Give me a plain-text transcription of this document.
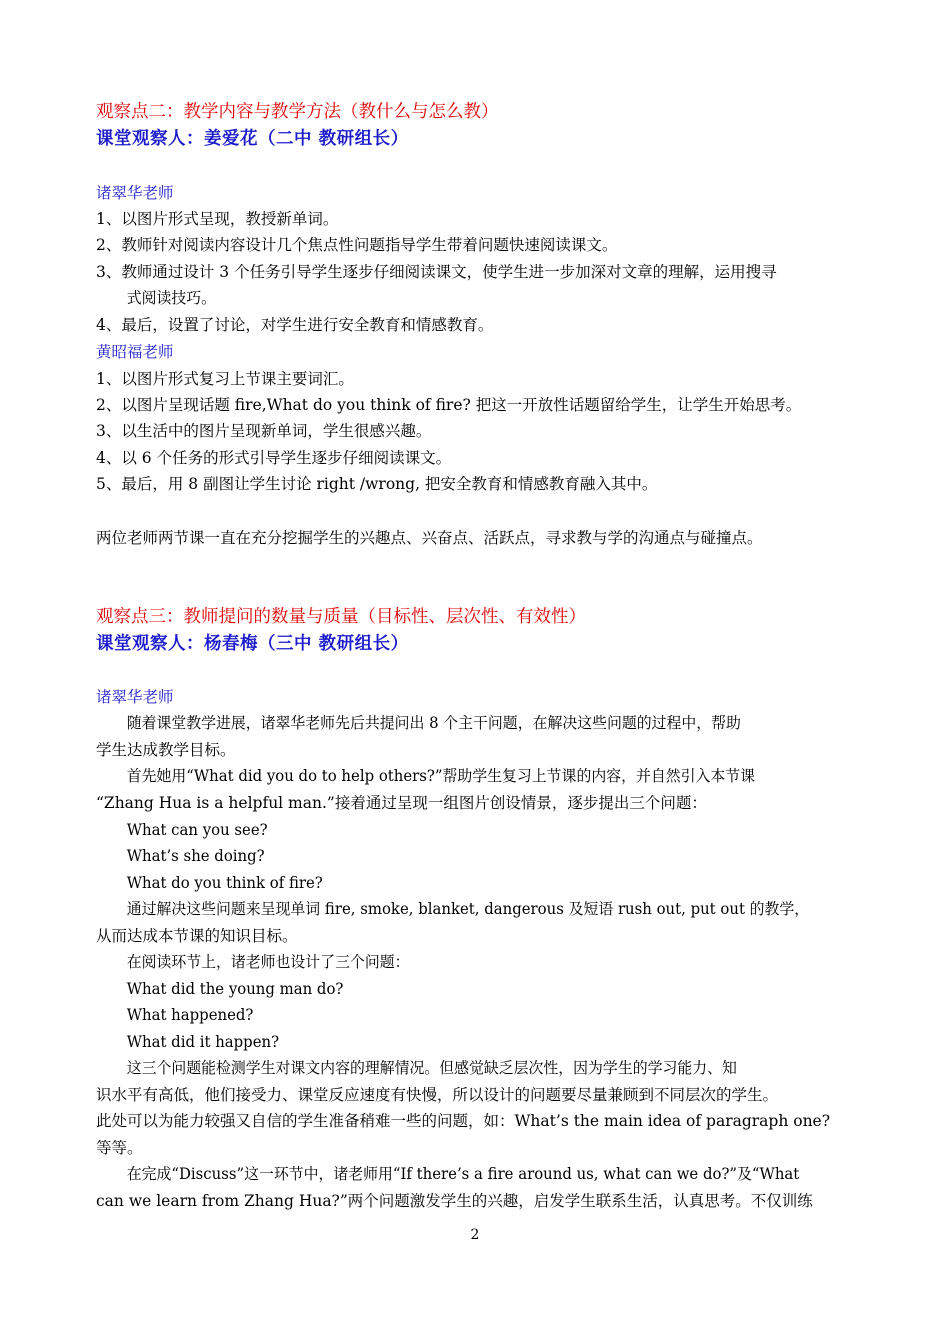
观察点二：教学内容与教学方法（教什么与怎么教）
课堂观察人：姜爱花（二中 教研组长）
诸翠华老师
1、以图片形式呈现，教授新单词。
2、教师针对阅读内容设计几个焦点性问题指导学生带着问题快速阅读课文。
3、教师通过设计 3 个任务引导学生逐步仔细阅读课文，使学生进一步加深对文章的理解，运用搜寻
式阅读技巧。
4、最后，设置了讨论，对学生进行安全教育和情感教育。
黄昭福老师
1、以图片形式复习上节课主要词汇。
2、以图片呈现话题 fire,What do you think of fire? 把这一开放性话题留给学生，让学生开始思考。
3、以生活中的图片呈现新单词，学生很感兴趣。
4、以 6 个任务的形式引导学生逐步仔细阅读课文。
5、最后，用 8 副图让学生讨论 right /wrong, 把安全教育和情感教育融入其中。
两位老师两节课一直在充分挖掘学生的兴趣点、兴奋点、活跃点，寻求教与学的沟通点与碰撞点。
观察点三：教师提问的数量与质量（目标性、层次性、有效性）
课堂观察人：杨春梅（三中 教研组长）
诸翠华老师
随着课堂教学进展，诸翠华老师先后共提问出 8 个主干问题，在解决这些问题的过程中，帮助
学生达成教学目标。
首先她用“What did you do to help others?”帮助学生复习上节课的内容，并自然引入本节课
“Zhang Hua is a helpful man.”接着通过呈现一组图片创设情景，逐步提出三个问题：
What can you see?
What’s she doing?
What do you think of fire?
通过解决这些问题来呈现单词 fire, smoke, blanket, dangerous 及短语 rush out, put out 的教学，
从而达成本节课的知识目标。
在阅读环节上，诸老师也设计了三个问题：
What did the young man do?
What happened?
What did it happen?
这三个问题能检测学生对课文内容的理解情况。但感觉缺乏层次性，因为学生的学习能力、知
识水平有高低，他们接受力、课堂反应速度有快慢，所以设计的问题要尽量兼顾到不同层次的学生。
此处可以为能力较强又自信的学生准备稍难一些的问题，如：What’s the main idea of paragraph one?
等等。
在完成“Discuss”这一环节中，诸老师用“If there’s a fire around us, what can we do?”及“What
can we learn from Zhang Hua?”两个问题激发学生的兴趣，启发学生联系生活，认真思考。不仅训练
2
